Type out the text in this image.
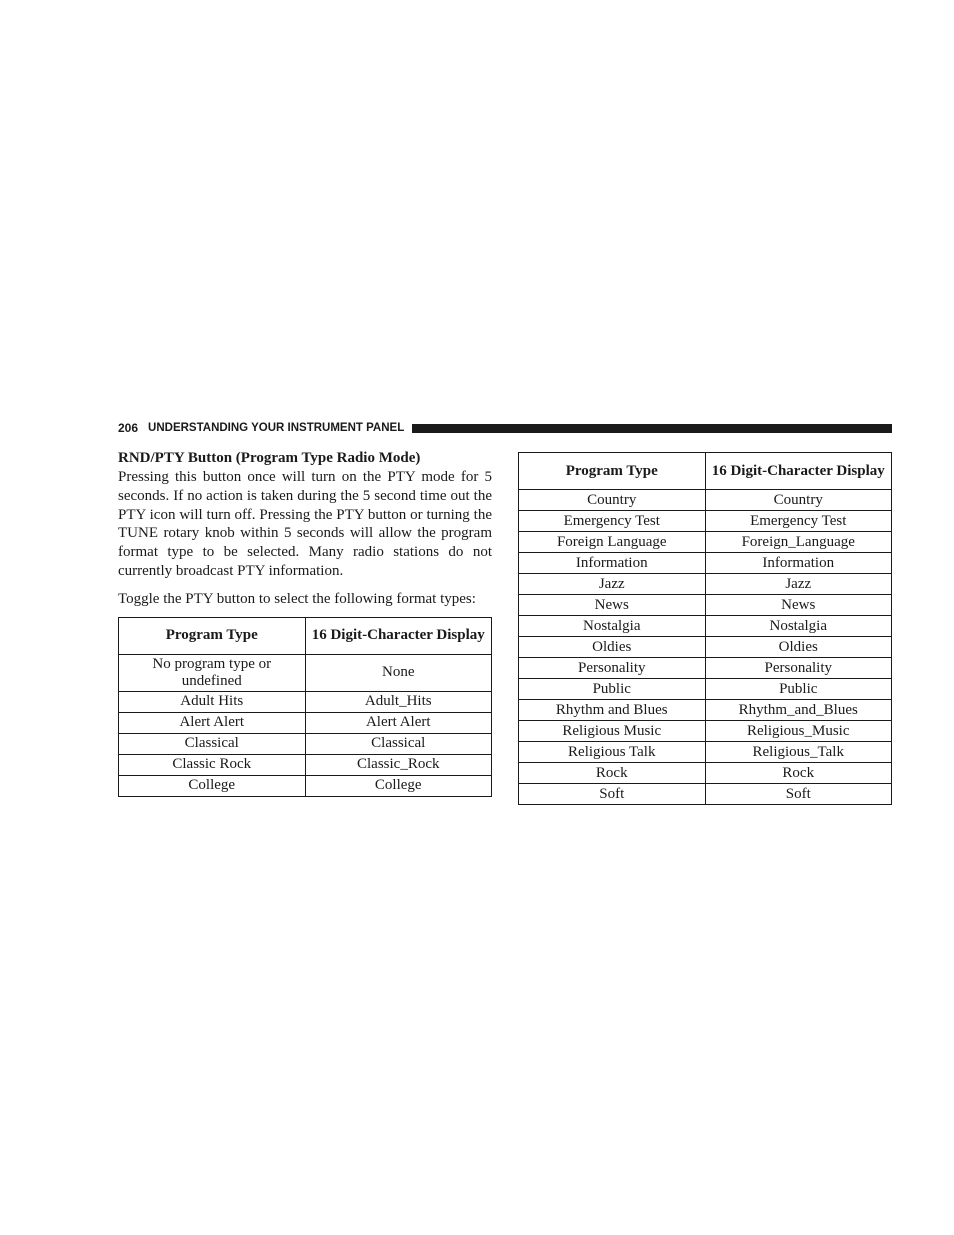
206 UNDERSTANDING YOUR INSTRUMENT PANEL
RND/PTY Button (Program Type Radio Mode)

Pressing this button once will turn on the PTY mode for 5 seconds. If no action is taken during the 5 second time out the PTY icon will turn off. Pressing the PTY button or turning the TUNE rotary knob within 5 seconds will allow the program format type to be selected. Many radio stations do not currently broadcast PTY information.

Toggle the PTY button to select the following format types:

Program Type	16 Digit-Character Display
No program type or undefined	None
Adult Hits	Adult_Hits
Alert Alert	Alert Alert
Classical	Classical
Classic Rock	Classic_Rock
College	College
Program Type	16 Digit-Character Display
Country	Country
Emergency Test	Emergency Test
Foreign Language	Foreign_Language
Information	Information
Jazz	Jazz
News	News
Nostalgia	Nostalgia
Oldies	Oldies
Personality	Personality
Public	Public
Rhythm and Blues	Rhythm_and_Blues
Religious Music	Religious_Music
Religious Talk	Religious_Talk
Rock	Rock
Soft	Soft
